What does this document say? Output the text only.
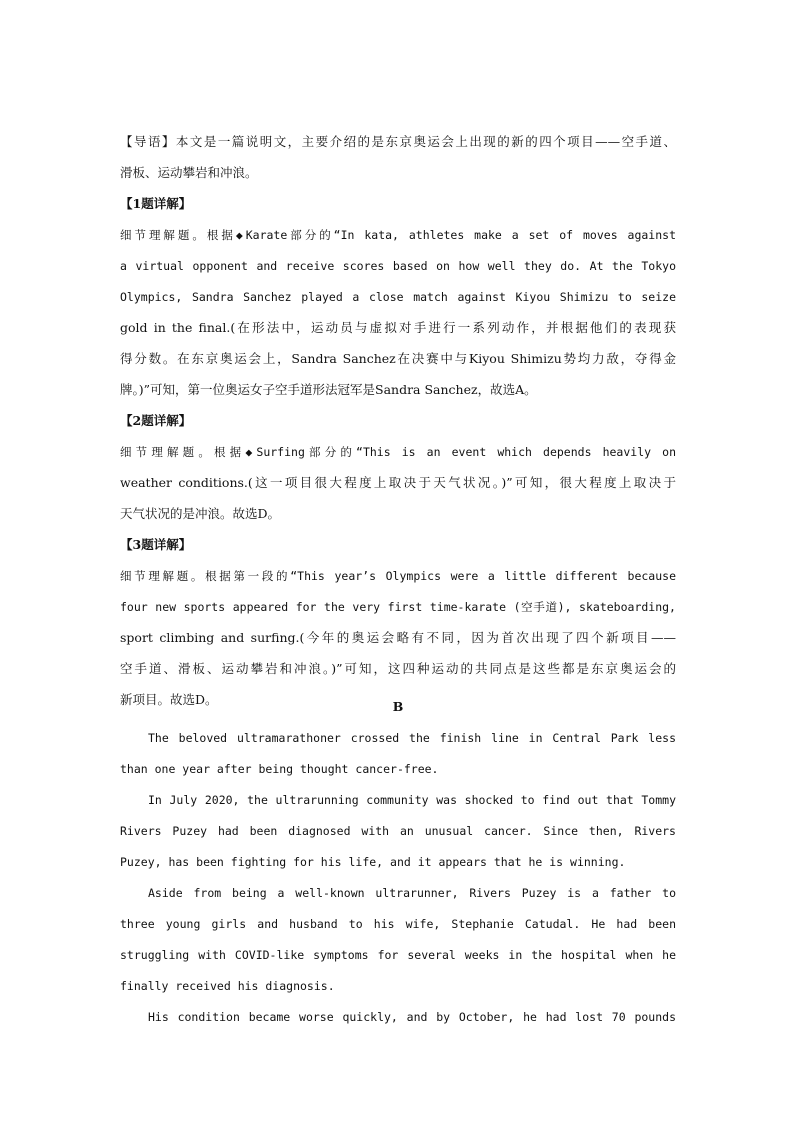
【导语】本文是一篇说明文，主要介绍的是东京奥运会上出现的新的四个项目——空手道、
滑板、运动攀岩和冲浪。
【1题详解】
细节理解题。根据◆Karate部分的“In kata, athletes make a set of moves against
a virtual opponent and receive scores based on how well they do. At the Tokyo
Olympics, Sandra Sanchez played a close match against Kiyou Shimizu to seize
gold in the final.(在形法中，运动员与虚拟对手进行一系列动作，并根据他们的表现获
得分数。在东京奥运会上，Sandra Sanchez在决赛中与Kiyou Shimizu势均力敌，夺得金
牌。)”可知，第一位奥运女子空手道形法冠军是Sandra Sanchez，故选A。
【2题详解】
细节理解题。根据◆Surfing部分的“This is an event which depends heavily on
weather conditions.(这一项目很大程度上取决于天气状况。)”可知，很大程度上取决于
天气状况的是冲浪。故选D。
【3题详解】
细节理解题。根据第一段的“This year’s Olympics were a little different because
four new sports appeared for the very first time-karate (空手道), skateboarding,
sport climbing and surfing.(今年的奥运会略有不同，因为首次出现了四个新项目——
空手道、滑板、运动攀岩和冲浪。)”可知，这四种运动的共同点是这些都是东京奥运会的
新项目。故选D。	B
The beloved ultramarathoner crossed the finish line in Central Park less
than one year after being thought cancer-free.
In July 2020, the ultrarunning community was shocked to find out that Tommy
Rivers Puzey had been diagnosed with an unusual cancer. Since then, Rivers
Puzey, has been fighting for his life, and it appears that he is winning.
Aside from being a well-known ultrarunner, Rivers Puzey is a father to
three young girls and husband to his wife, Stephanie Catudal. He had been
struggling with COVID-like symptoms for several weeks in the hospital when he
finally received his diagnosis.
His condition became worse quickly, and by October, he had lost 70 pounds
